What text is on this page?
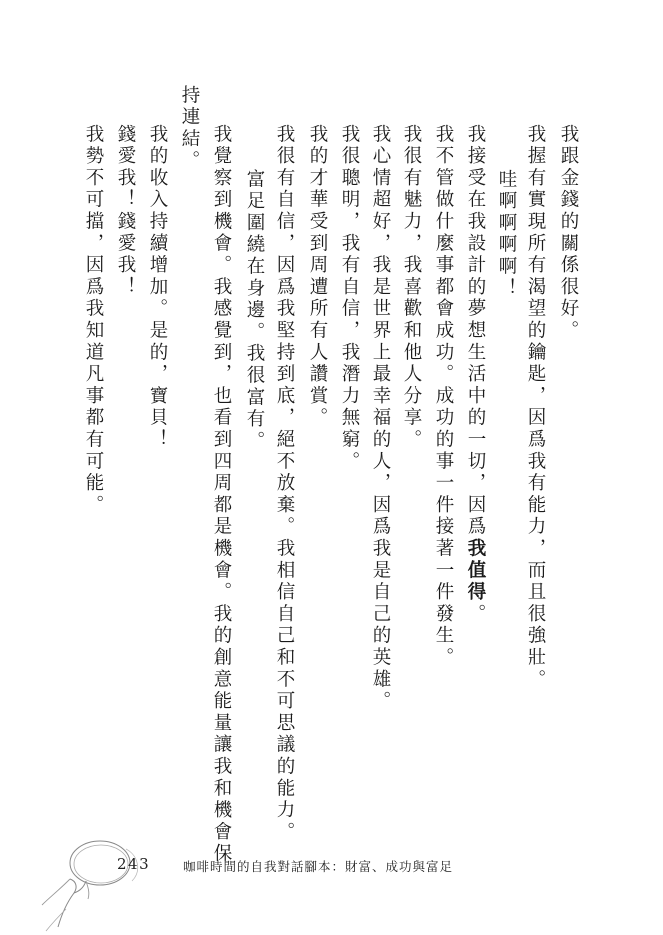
我跟金錢的關係很好。
我握有實現所有渴望的鑰匙，因爲我有能力，而且很強壯。
哇啊啊啊啊！
我接受在我設計的夢想生活中的一切，因爲我值得。
我不管做什麼事都會成功。成功的事一件接著一件發生。
我很有魅力，我喜歡和他人分享。
我心情超好，我是世界上最幸福的人，因爲我是自己的英雄。
我很聰明，我有自信，我潛力無窮。
我的才華受到周遭所有人讚賞。
我很有自信，因爲我堅持到底，絕不放棄。我相信自己和不可思議的能力。
富足圍繞在身邊。我很富有。
我覺察到機會。我感覺到，也看到四周都是機會。我的創意能量讓我和機會保
持連結。
我的收入持續增加。是的，寶貝！
錢愛我！錢愛我！
我勢不可擋，因爲我知道凡事都有可能。
243	咖啡時間的自我對話腳本：財富、成功與富足
